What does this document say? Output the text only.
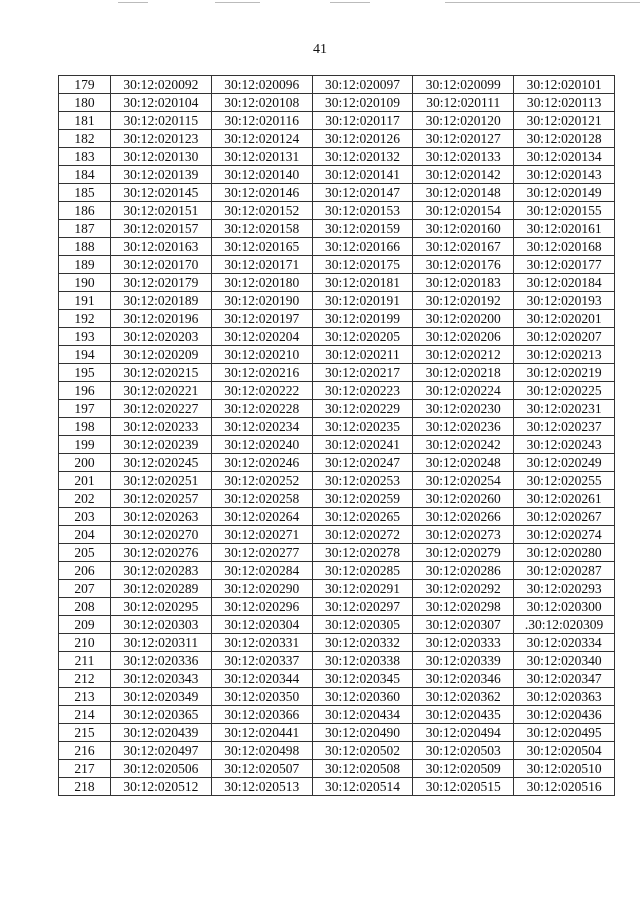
41
179	30:12:020092	30:12:020096	30:12:020097	30:12:020099	30:12:020101
180	30:12:020104	30:12:020108	30:12:020109	30:12:020111	30:12:020113
181	30:12:020115	30:12:020116	30:12:020117	30:12:020120	30:12:020121
182	30:12:020123	30:12:020124	30:12:020126	30:12:020127	30:12:020128
183	30:12:020130	30:12:020131	30:12:020132	30:12:020133	30:12:020134
184	30:12:020139	30:12:020140	30:12:020141	30:12:020142	30:12:020143
185	30:12:020145	30:12:020146	30:12:020147	30:12:020148	30:12:020149
186	30:12:020151	30:12:020152	30:12:020153	30:12:020154	30:12:020155
187	30:12:020157	30:12:020158	30:12:020159	30:12:020160	30:12:020161
188	30:12:020163	30:12:020165	30:12:020166	30:12:020167	30:12:020168
189	30:12:020170	30:12:020171	30:12:020175	30:12:020176	30:12:020177
190	30:12:020179	30:12:020180	30:12:020181	30:12:020183	30:12:020184
191	30:12:020189	30:12:020190	30:12:020191	30:12:020192	30:12:020193
192	30:12:020196	30:12:020197	30:12:020199	30:12:020200	30:12:020201
193	30:12:020203	30:12:020204	30:12:020205	30:12:020206	30:12:020207
194	30:12:020209	30:12:020210	30:12:020211	30:12:020212	30:12:020213
195	30:12:020215	30:12:020216	30:12:020217	30:12:020218	30:12:020219
196	30:12:020221	30:12:020222	30:12:020223	30:12:020224	30:12:020225
197	30:12:020227	30:12:020228	30:12:020229	30:12:020230	30:12:020231
198	30:12:020233	30:12:020234	30:12:020235	30:12:020236	30:12:020237
199	30:12:020239	30:12:020240	30:12:020241	30:12:020242	30:12:020243
200	30:12:020245	30:12:020246	30:12:020247	30:12:020248	30:12:020249
201	30:12:020251	30:12:020252	30:12:020253	30:12:020254	30:12:020255
202	30:12:020257	30:12:020258	30:12:020259	30:12:020260	30:12:020261
203	30:12:020263	30:12:020264	30:12:020265	30:12:020266	30:12:020267
204	30:12:020270	30:12:020271	30:12:020272	30:12:020273	30:12:020274
205	30:12:020276	30:12:020277	30:12:020278	30:12:020279	30:12:020280
206	30:12:020283	30:12:020284	30:12:020285	30:12:020286	30:12:020287
207	30:12:020289	30:12:020290	30:12:020291	30:12:020292	30:12:020293
208	30:12:020295	30:12:020296	30:12:020297	30:12:020298	30:12:020300
209	30:12:020303	30:12:020304	30:12:020305	30:12:020307	.30:12:020309
210	30:12:020311	30:12:020331	30:12:020332	30:12:020333	30:12:020334
211	30:12:020336	30:12:020337	30:12:020338	30:12:020339	30:12:020340
212	30:12:020343	30:12:020344	30:12:020345	30:12:020346	30:12:020347
213	30:12:020349	30:12:020350	30:12:020360	30:12:020362	30:12:020363
214	30:12:020365	30:12:020366	30:12:020434	30:12:020435	30:12:020436
215	30:12:020439	30:12:020441	30:12:020490	30:12:020494	30:12:020495
216	30:12:020497	30:12:020498	30:12:020502	30:12:020503	30:12:020504
217	30:12:020506	30:12:020507	30:12:020508	30:12:020509	30:12:020510
218	30:12:020512	30:12:020513	30:12:020514	30:12:020515	30:12:020516
